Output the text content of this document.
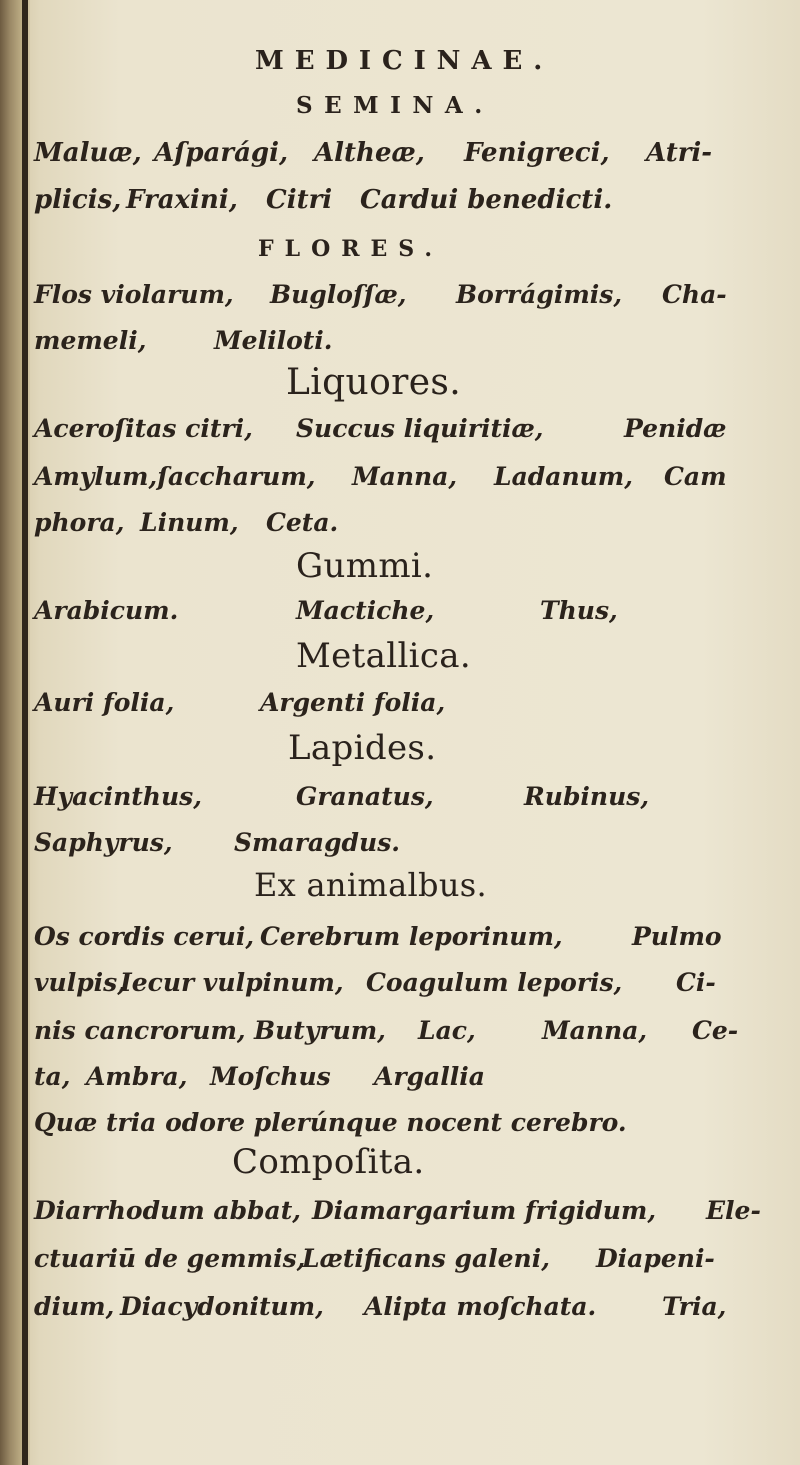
MEDICINAE.
SEMINA.
Maluæ, Aſparági, Altheæ, Fenigreci, Atri-
plicis, Fraxini, Citri Cardui benedicti.
FLORES.
Flos violarum, Bugloſſæ, Borrágimis, Cha-
memeli,	Meliloti.
Liquores.
Aceroſitas citri, Succus liquiritiæ,	Penidæ
Amylum,ſaccharum, Manna, Ladanum, Cam
phora, Linum, Ceta.
Gummi.
Arabicum.	Mactiche,	Thus,
Metallica.
Auri folia,	Argenti folia,
Lapides.
Hyacinthus,	Granatus,	Rubinus,
Saphyrus, Smaragdus.
Ex animalbus.
Os cordis cerui, Cerebrum leporinum,	Pulmo
vulpis,
Iecur vulpinum, Coagulum leporis, Ci-
nis cancrorum, Butyrum, Lac,	Manna, Ce-
ta, Ambra, Moſchus Argallia
Quæ tria odore plerúnque nocent cerebro.
Compoſita.
Diarrhodum abbat, Diamargarium frigidum, Ele-
ctuariū de gemmis,
Lætificans galeni, Diapeni-
dium, Diacydonitum, Alipta moſchata.	Tria,
